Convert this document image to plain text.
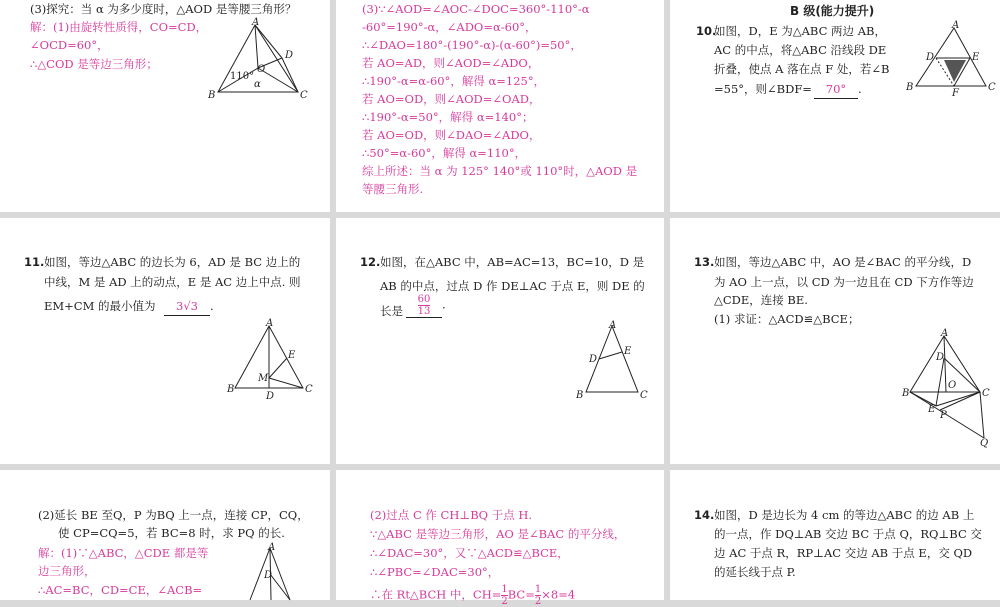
(3)探究：当 α 为多少度时，△AOD 是等腰三角形？
解：(1)由旋转性质得，CO=CD，
∠OCD=60°，
∴△COD 是等边三角形；
A
B	C
D
O
110°
α
(3)∵∠AOD=∠AOC-∠DOC=360°-110°-α
-60°=190°-α，∠ADO=α-60°，
∴∠DAO=180°-(190°-α)-(α-60°)=50°，
若 AO=AD，则∠AOD=∠ADO，
∴190°-α=α-60°，解得 α=125°，
若 AO=OD，则∠AOD=∠OAD，
∴190°-α=50°，解得 α=140°；
若 AO=OD，则∠DAO=∠ADO，
∴50°=α-60°，解得 α=110°，
综上所述：当 α 为 125° 140°或 110°时，△AOD 是
等腰三角形.
B 级(能力提升)
10.
如图，D，E 为△ABC 两边 AB，
AC 的中点，将△ABC 沿线段 DE
折叠，使点 A 落在点 F 处，若∠B
=55°，则∠BDF=	70° .
A
B	C
D	E
F
11. 如图，等边△ABC 的边长为 6，AD 是 BC 边上的
中线，M 是 AD 上的动点，E 是 AC 边上中点. 则
EM+CM 的最小值为	3√3 .
A
B	C
D
E
M
12. 如图，在△ABC 中，AB=AC=13，BC=10，D 是
AB 的中点，过点 D 作 DE⊥AC 于点 E，则 DE 的
长是 $\frac{60}{13}$ .
A
B	C
D
E
13. 如图，等边△ABC 中，AO 是∠BAC 的平分线，D
为 AO 上一点，以 CD 为一边且在 CD 下方作等边
△CDE，连接 BE.
(1) 求证：△ACD≌△BCE；
A
B	C
D
E
O
P
Q
(2)延长 BE 至Q，P 为BQ 上一点，连接 CP，CQ，
使 CP=CQ=5，若 BC=8 时，求 PQ 的长.
解：(1)∵△ABC，△CDE 都是等
边三角形，
∴AC=BC，CD=CE，∠ACB=
A
D
(2)过点 C 作 CH⊥BQ 于点 H.
∵△ABC 是等边三角形，AO 是∠BAC 的平分线，
∴∠DAC=30°，又∵△ACD≌△BCE，
∴∠PBC=∠DAC=30°，
∴在 Rt△BCH 中，$CH= \frac{1}{2} BC= \frac{1}{2} \times 8=4$
14. 如图，D 是边长为 4 cm 的等边△ABC 的边 AB 上
的一点，作 DQ⊥AB 交边 BC 于点 Q，RQ⊥BC 交
边 AC 于点 R，RP⊥AC 交边 AB 于点 E，交 QD
的延长线于点 P.
